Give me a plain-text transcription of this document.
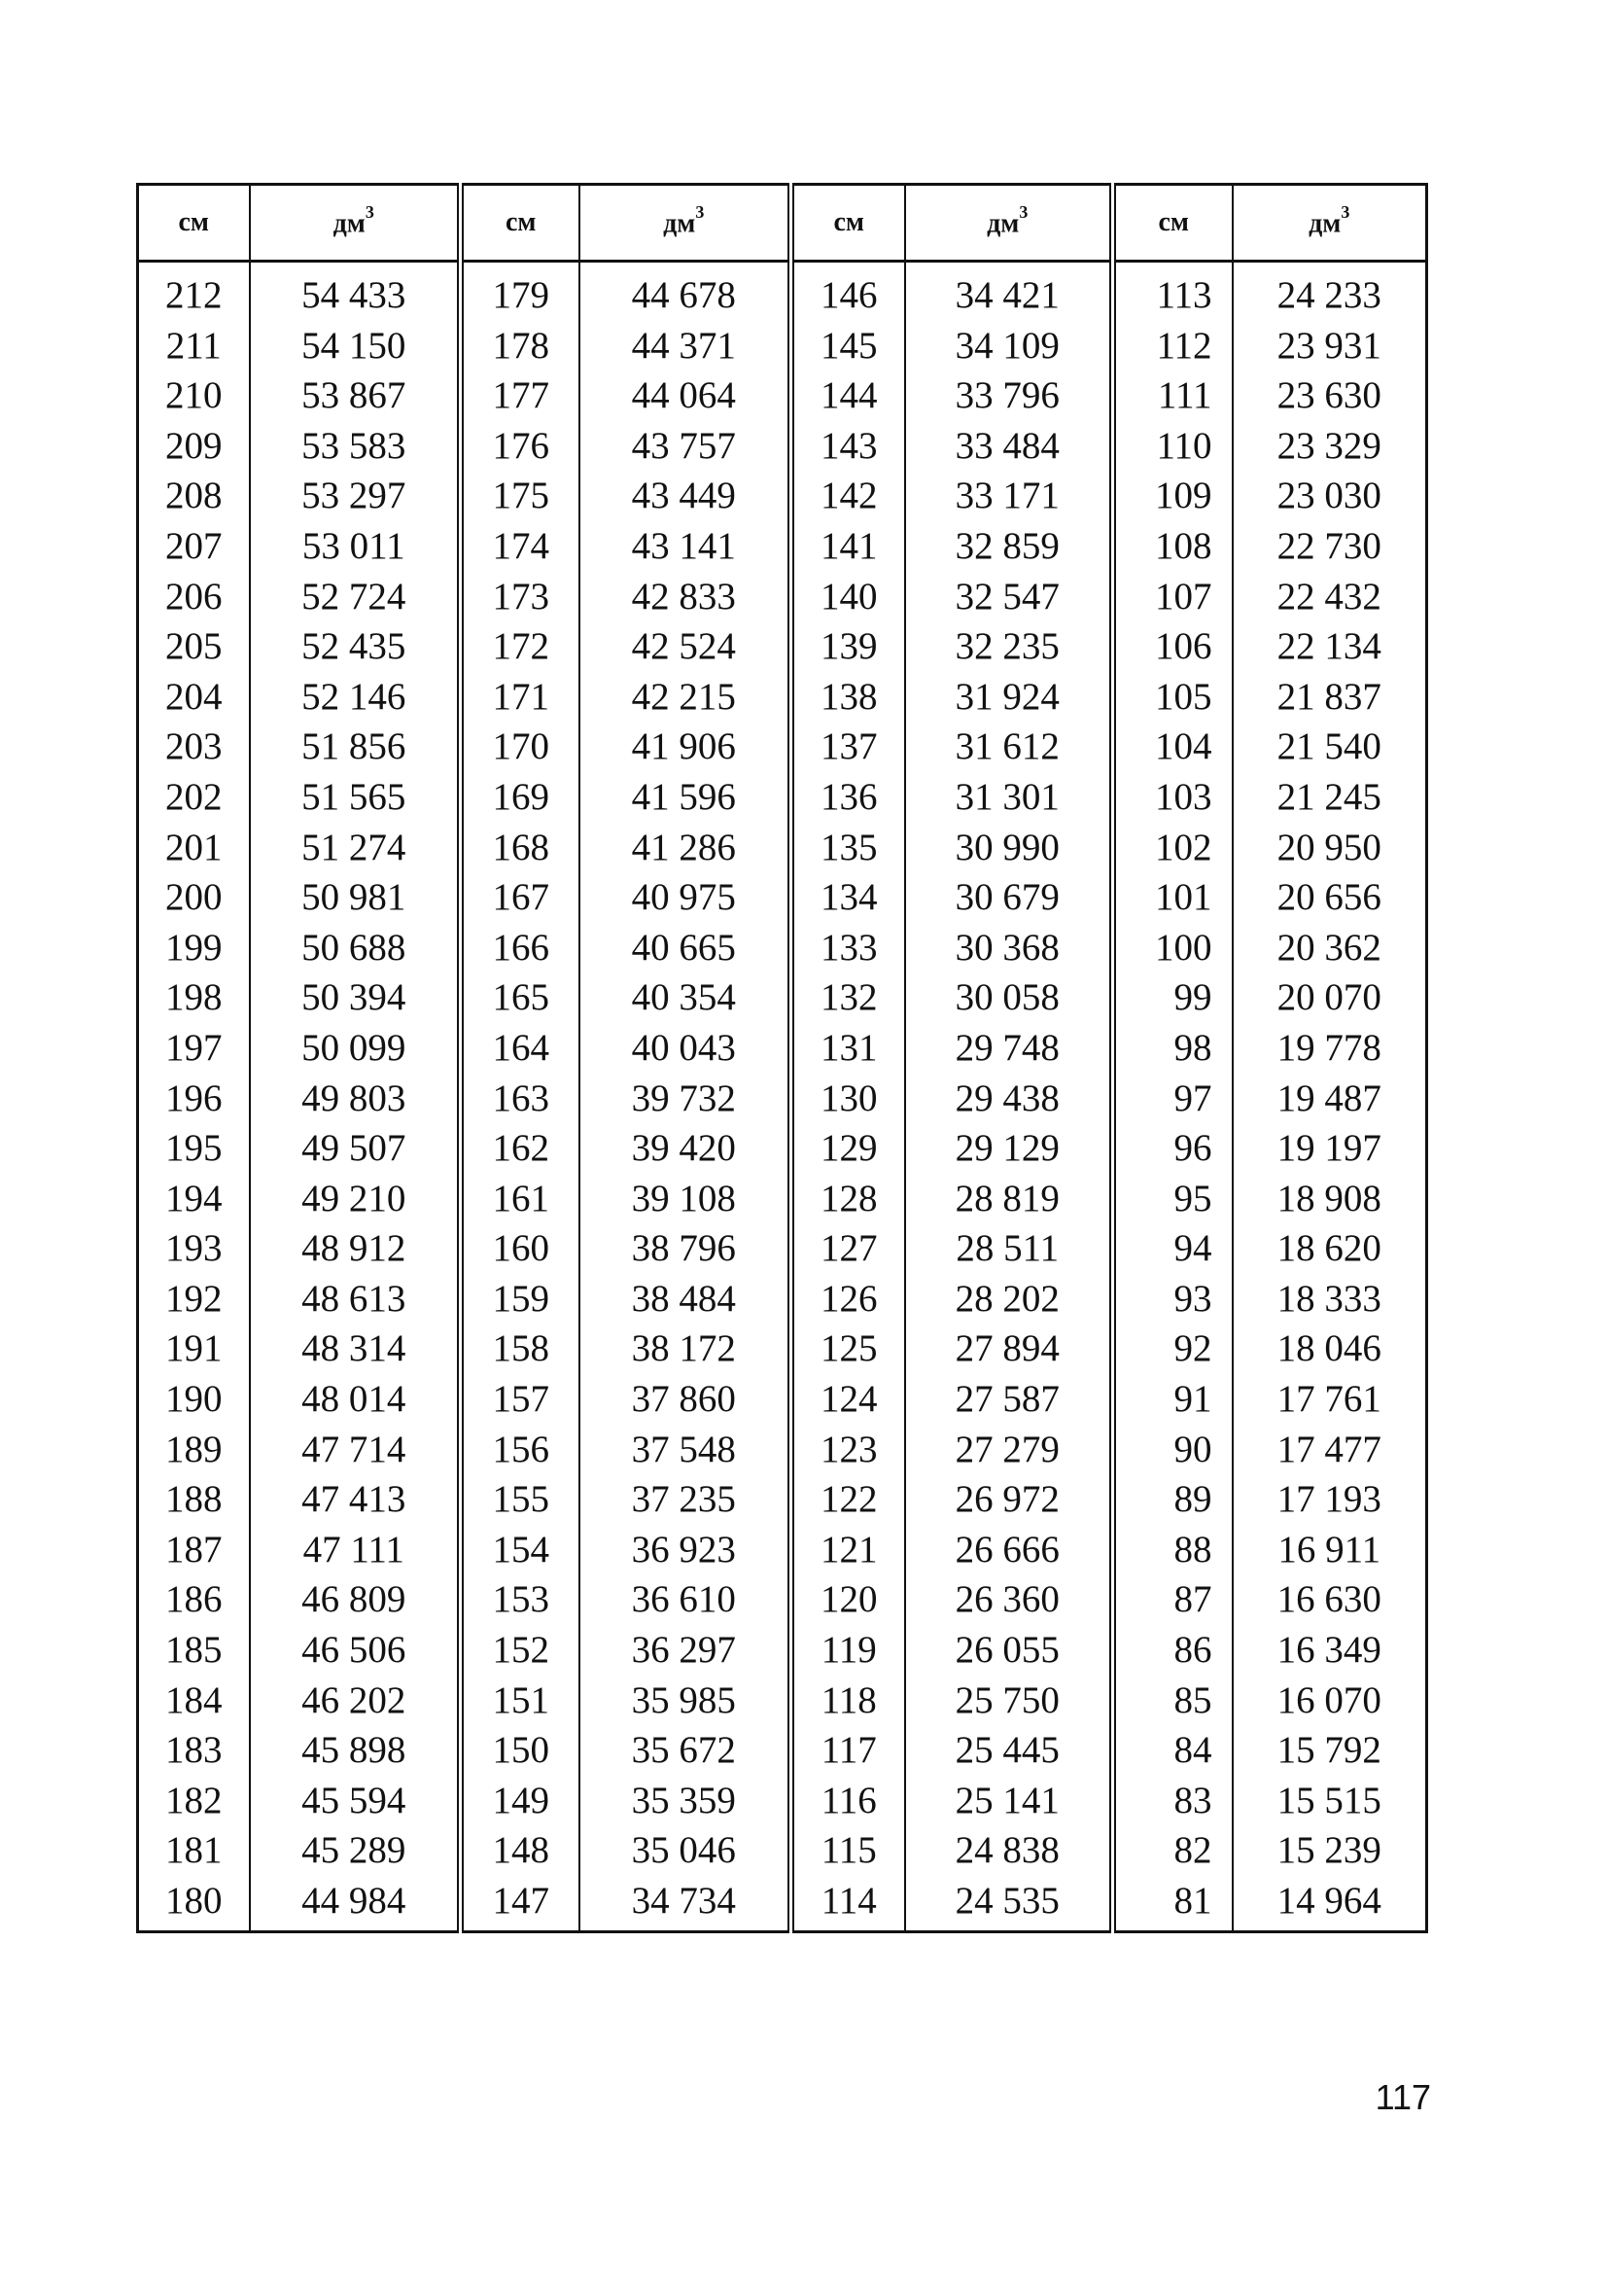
см	$дм^3$	см	$дм^3$	см	$дм^3$	см	$дм^3$
212	54 433	179	44 678	146	34 421	113	24 233
211	54 150	178	44 371	145	34 109	112	23 931
210	53 867	177	44 064	144	33 796	111	23 630
209	53 583	176	43 757	143	33 484	110	23 329
208	53 297	175	43 449	142	33 171	109	23 030
207	53 011	174	43 141	141	32 859	108	22 730
206	52 724	173	42 833	140	32 547	107	22 432
205	52 435	172	42 524	139	32 235	106	22 134
204	52 146	171	42 215	138	31 924	105	21 837
203	51 856	170	41 906	137	31 612	104	21 540
202	51 565	169	41 596	136	31 301	103	21 245
201	51 274	168	41 286	135	30 990	102	20 950
200	50 981	167	40 975	134	30 679	101	20 656
199	50 688	166	40 665	133	30 368	100	20 362
198	50 394	165	40 354	132	30 058	99	20 070
197	50 099	164	40 043	131	29 748	98	19 778
196	49 803	163	39 732	130	29 438	97	19 487
195	49 507	162	39 420	129	29 129	96	19 197
194	49 210	161	39 108	128	28 819	95	18 908
193	48 912	160	38 796	127	28 511	94	18 620
192	48 613	159	38 484	126	28 202	93	18 333
191	48 314	158	38 172	125	27 894	92	18 046
190	48 014	157	37 860	124	27 587	91	17 761
189	47 714	156	37 548	123	27 279	90	17 477
188	47 413	155	37 235	122	26 972	89	17 193
187	47 111	154	36 923	121	26 666	88	16 911
186	46 809	153	36 610	120	26 360	87	16 630
185	46 506	152	36 297	119	26 055	86	16 349
184	46 202	151	35 985	118	25 750	85	16 070
183	45 898	150	35 672	117	25 445	84	15 792
182	45 594	149	35 359	116	25 141	83	15 515
181	45 289	148	35 046	115	24 838	82	15 239
180	44 984	147	34 734	114	24 535	81	14 964
117
